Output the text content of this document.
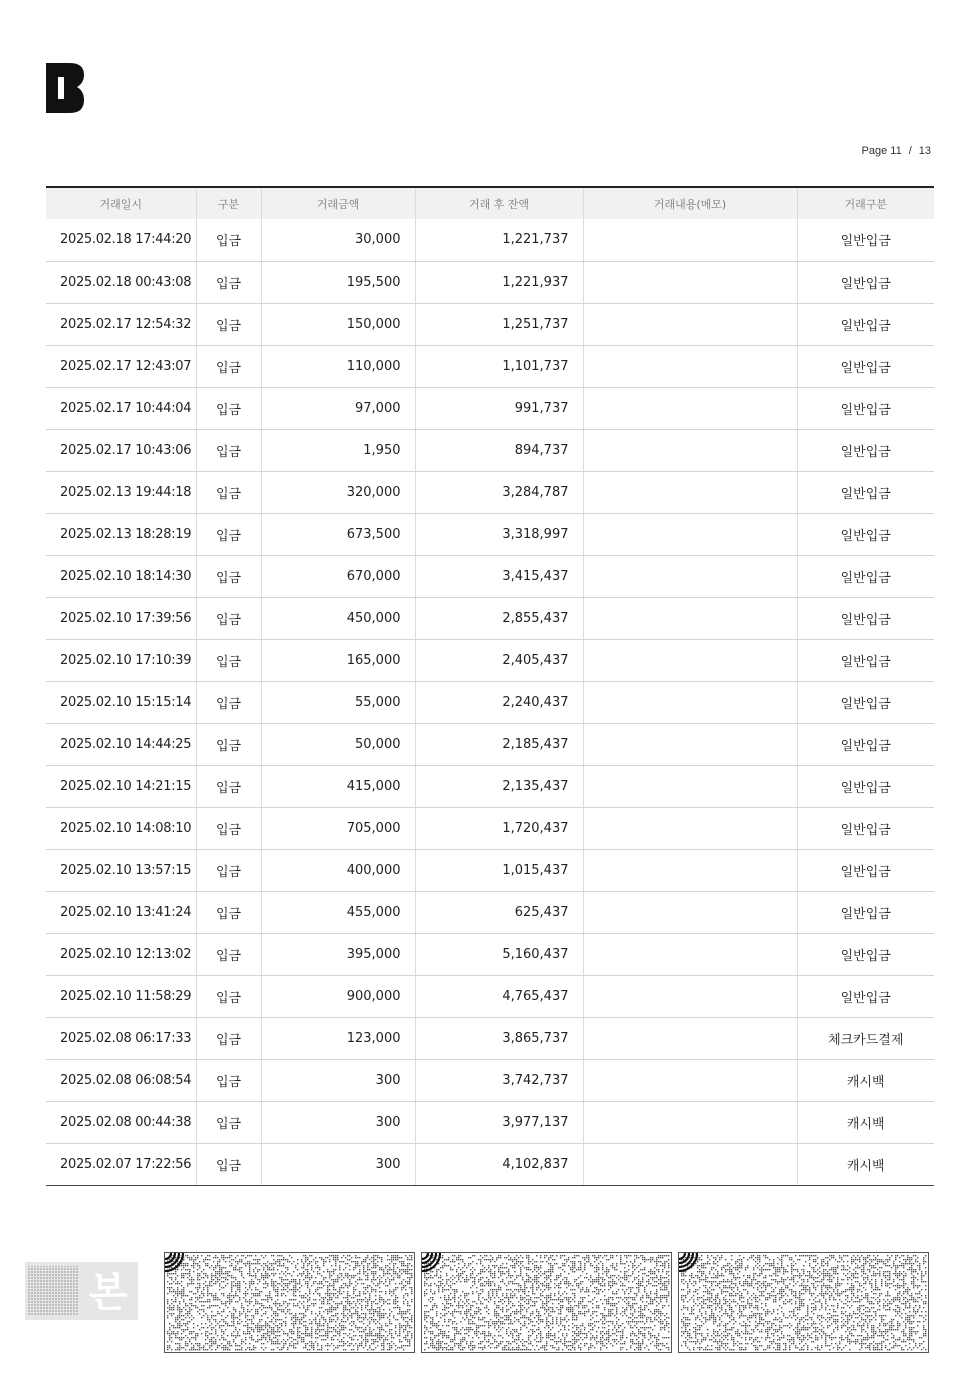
Page 11 / 13
거래일시	구분	거래금액	거래 후 잔액	거래내용(메모)	거래구분
2025.02.18 17:44:20	입금	30,000	1,221,737		일반입금
2025.02.18 00:43:08	입금	195,500	1,221,937		일반입금
2025.02.17 12:54:32	입금	150,000	1,251,737		일반입금
2025.02.17 12:43:07	입금	110,000	1,101,737		일반입금
2025.02.17 10:44:04	입금	97,000	991,737		일반입금
2025.02.17 10:43:06	입금	1,950	894,737		일반입금
2025.02.13 19:44:18	입금	320,000	3,284,787		일반입금
2025.02.13 18:28:19	입금	673,500	3,318,997		일반입금
2025.02.10 18:14:30	입금	670,000	3,415,437		일반입금
2025.02.10 17:39:56	입금	450,000	2,855,437		일반입금
2025.02.10 17:10:39	입금	165,000	2,405,437		일반입금
2025.02.10 15:15:14	입금	55,000	2,240,437		일반입금
2025.02.10 14:44:25	입금	50,000	2,185,437		일반입금
2025.02.10 14:21:15	입금	415,000	2,135,437		일반입금
2025.02.10 14:08:10	입금	705,000	1,720,437		일반입금
2025.02.10 13:57:15	입금	400,000	1,015,437		일반입금
2025.02.10 13:41:24	입금	455,000	625,437		일반입금
2025.02.10 12:13:02	입금	395,000	5,160,437		일반입금
2025.02.10 11:58:29	입금	900,000	4,765,437		일반입금
2025.02.08 06:17:33	입금	123,000	3,865,737		체크카드결제
2025.02.08 06:08:54	입금	300	3,742,737		캐시백
2025.02.08 00:44:38	입금	300	3,977,137		캐시백
2025.02.07 17:22:56	입금	300	4,102,837		캐시백
본
